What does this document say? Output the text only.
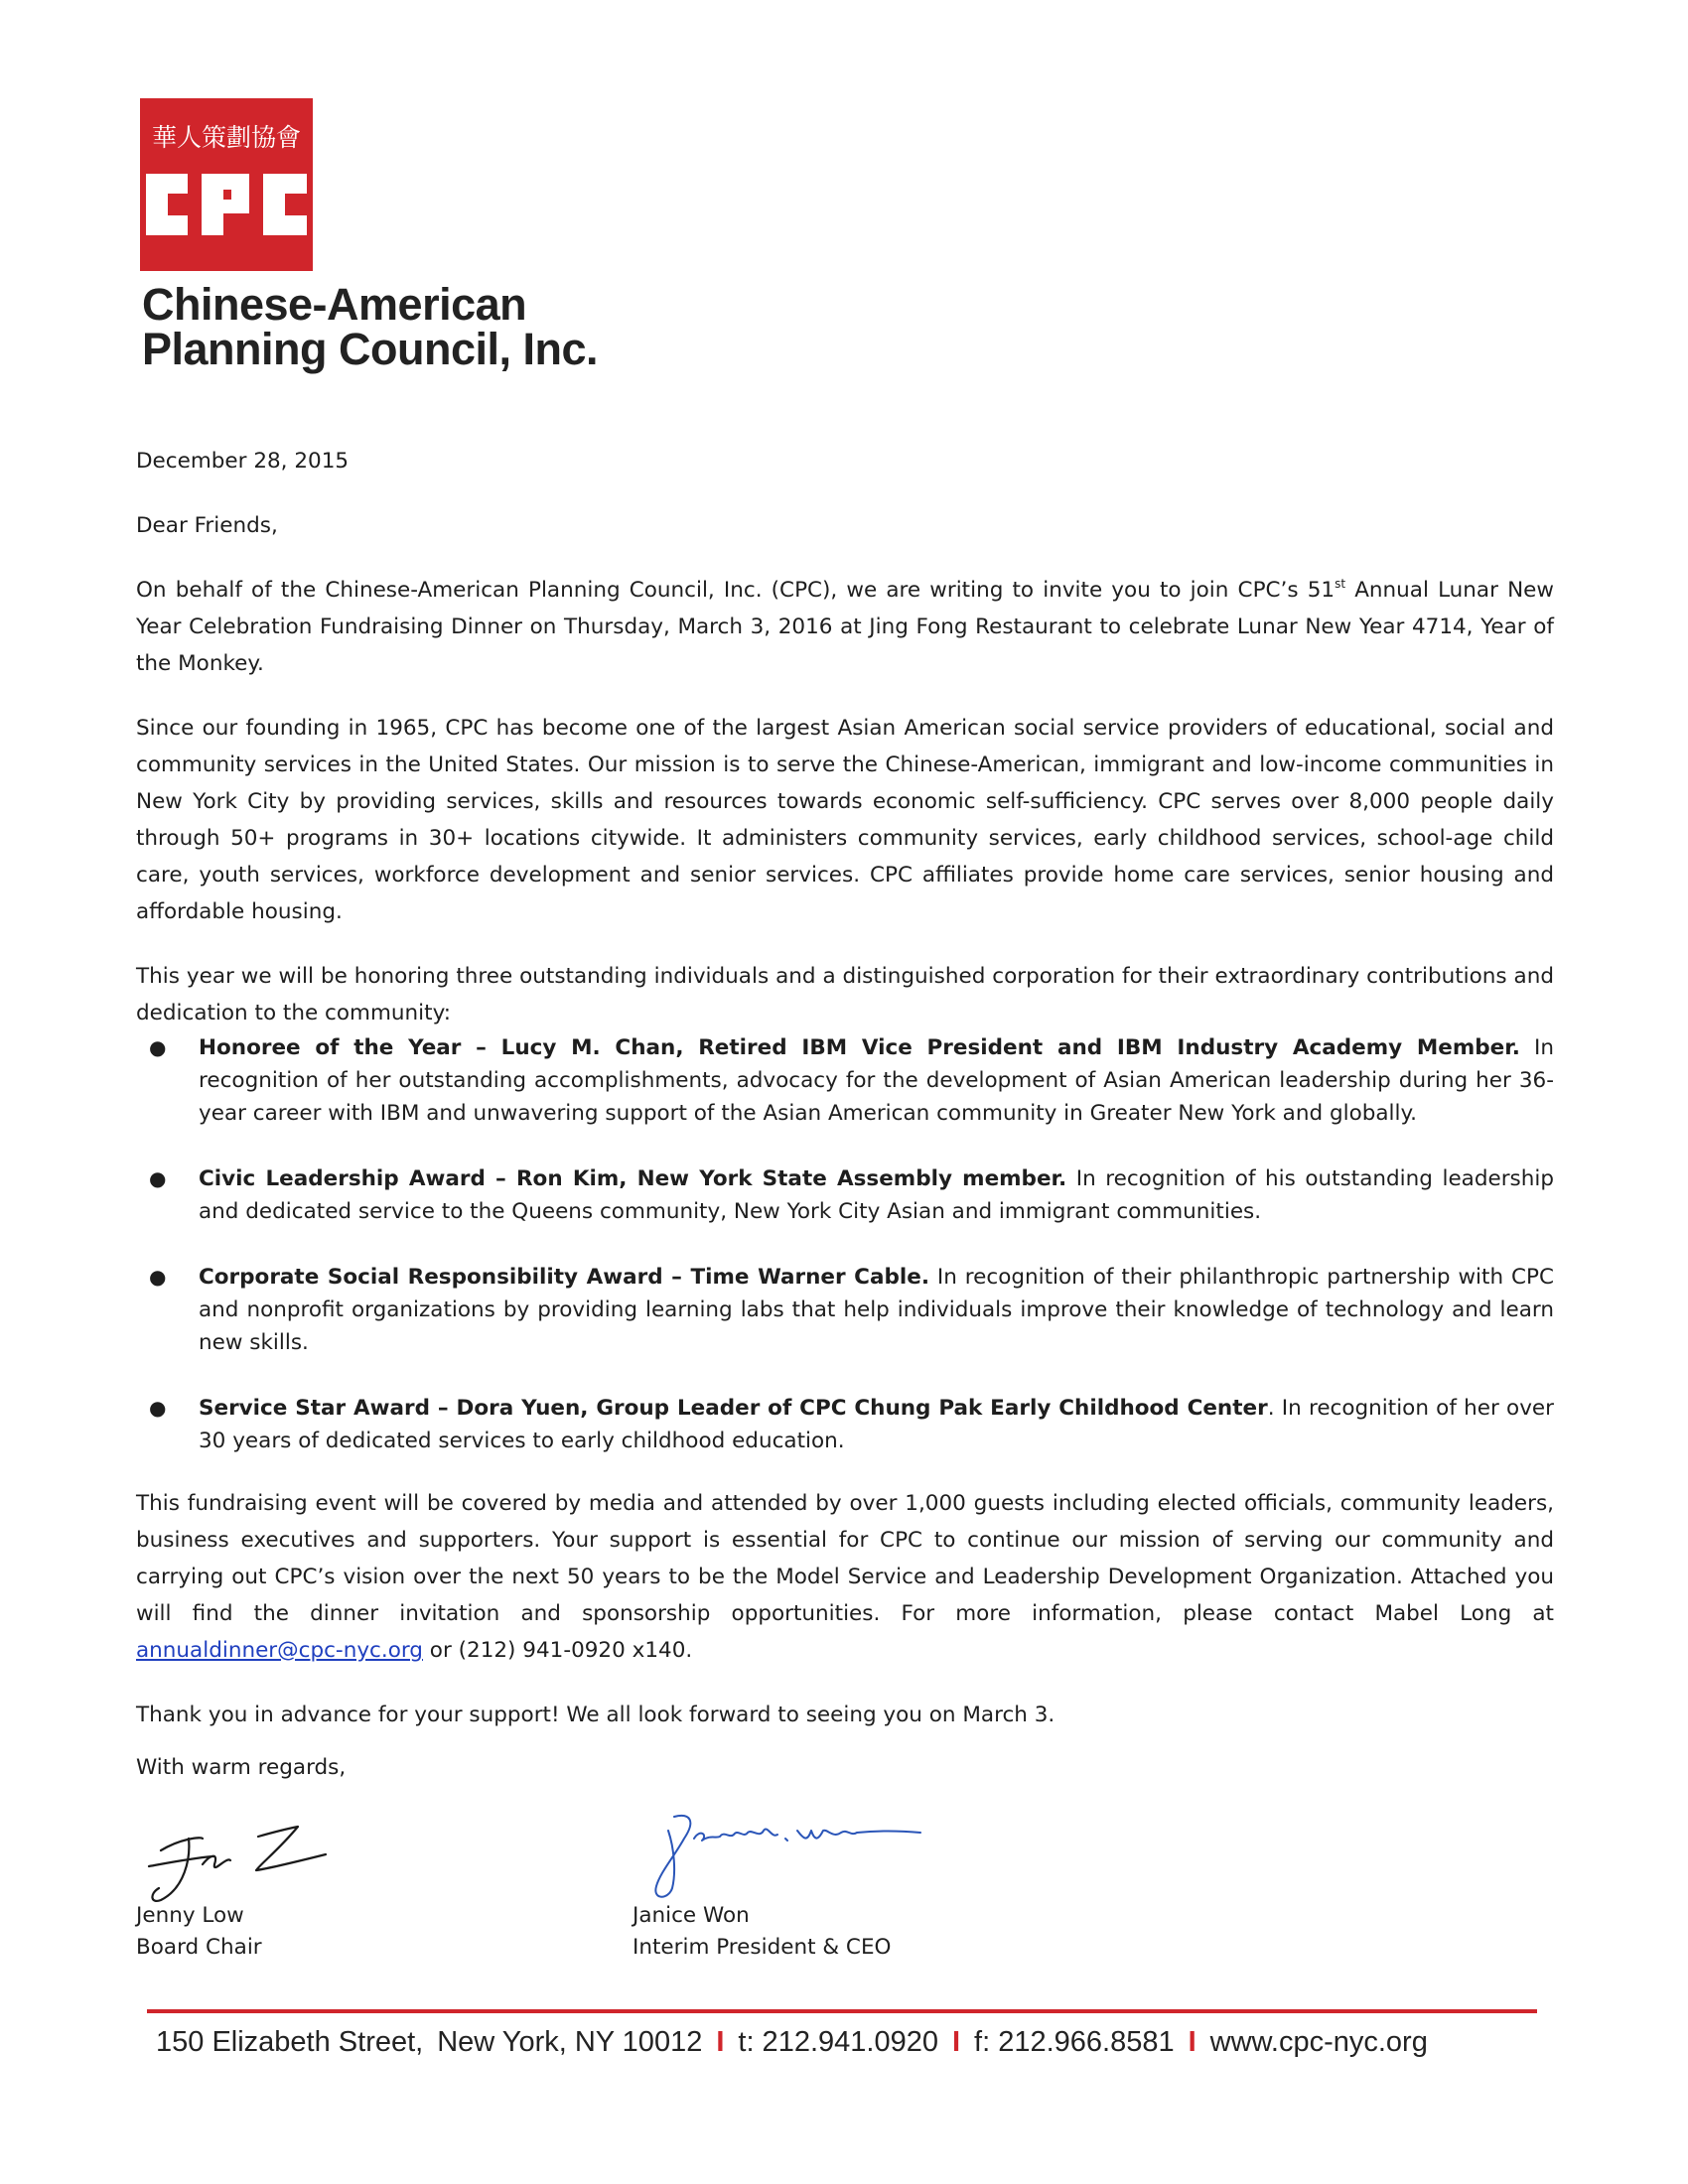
華人策劃協會
Chinese-American
Planning Council, Inc.

December 28, 2015

Dear Friends,

On behalf of the Chinese-American Planning Council, Inc. (CPC), we are writing to invite you to join CPC’s 51st Annual Lunar New Year Celebration Fundraising Dinner on Thursday, March 3, 2016 at Jing Fong Restaurant to celebrate Lunar New Year 4714, Year of the Monkey.

Since our founding in 1965, CPC has become one of the largest Asian American social service providers of educational, social and community services in the United States. Our mission is to serve the Chinese-American, immigrant and low-income communities in New York City by providing services, skills and resources towards economic self-sufficiency. CPC serves over 8,000 people daily through 50+ programs in 30+ locations citywide. It administers community services, early childhood services, school-age child care, youth services, workforce development and senior services. CPC affiliates provide home care services, senior housing and affordable housing.

This year we will be honoring three outstanding individuals and a distinguished corporation for their extraordinary contributions and dedication to the community:

● Honoree of the Year – Lucy M. Chan, Retired IBM Vice President and IBM Industry Academy Member. In recognition of her outstanding accomplishments, advocacy for the development of Asian American leadership during her 36-year career with IBM and unwavering support of the Asian American community in Greater New York and globally.
● Civic Leadership Award – Ron Kim, New York State Assembly member. In recognition of his outstanding leadership and dedicated service to the Queens community, New York City Asian and immigrant communities.
● Corporate Social Responsibility Award – Time Warner Cable. In recognition of their philanthropic partnership with CPC and nonprofit organizations by providing learning labs that help individuals improve their knowledge of technology and learn new skills.
● Service Star Award – Dora Yuen, Group Leader of CPC Chung Pak Early Childhood Center. In recognition of her over 30 years of dedicated services to early childhood education.

This fundraising event will be covered by media and attended by over 1,000 guests including elected officials, community leaders, business executives and supporters. Your support is essential for CPC to continue our mission of serving our community and carrying out CPC’s vision over the next 50 years to be the Model Service and Leadership Development Organization. Attached you will find the dinner invitation and sponsorship opportunities. For more information, please contact Mabel Long at annualdinner@cpc-nyc.org or (212) 941-0920 x140.

Thank you in advance for your support! We all look forward to seeing you on March 3.

With warm regards,

Jenny Low
Board Chair
Janice Won
Interim President & CEO
150 Elizabeth Street, New York, NY 10012 I t: 212.941.0920 I f: 212.966.8581 I www.cpc-nyc.org
